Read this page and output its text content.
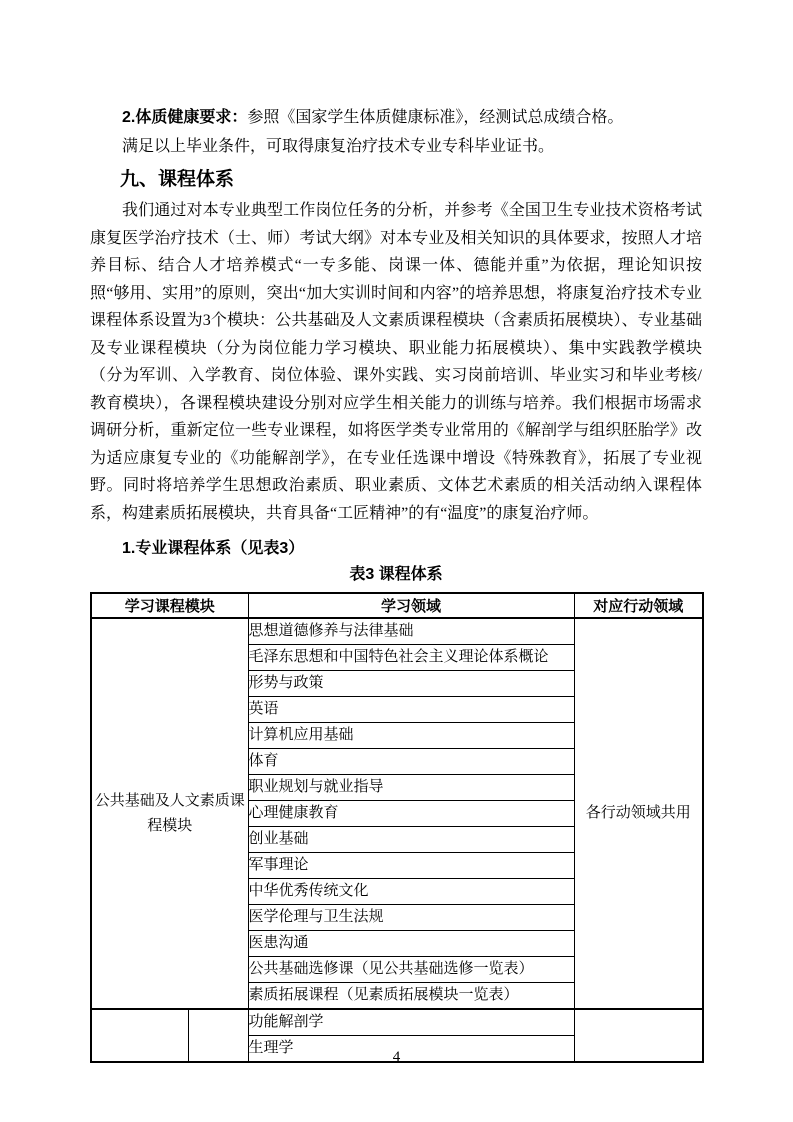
2.体质健康要求：参照《国家学生体质健康标准》，经测试总成绩合格。

满足以上毕业条件，可取得康复治疗技术专业专科毕业证书。

九、课程体系

我们通过对本专业典型工作岗位任务的分析，并参考《全国卫生专业技术资格考试康复医学治疗技术（士、师）考试大纲》对本专业及相关知识的具体要求，按照人才培养目标、结合人才培养模式“一专多能、岗课一体、德能并重”为依据，理论知识按照“够用、实用”的原则，突出“加大实训时间和内容”的培养思想，将康复治疗技术专业课程体系设置为3个模块：公共基础及人文素质课程模块（含素质拓展模块）、专业基础及专业课程模块（分为岗位能力学习模块、职业能力拓展模块）、集中实践教学模块（分为军训、入学教育、岗位体验、课外实践、实习岗前培训、毕业实习和毕业考核/教育模块），各课程模块建设分别对应学生相关能力的训练与培养。我们根据市场需求调研分析，重新定位一些专业课程，如将医学类专业常用的《解剖学与组织胚胎学》改为适应康复专业的《功能解剖学》，在专业任选课中增设《特殊教育》，拓展了专业视野。同时将培养学生思想政治素质、职业素质、文体艺术素质的相关活动纳入课程体系，构建素质拓展模块，共育具备“工匠精神”的有“温度”的康复治疗师。

1.专业课程体系（见表3）

表3 课程体系

学习课程模块		学习领域	对应行动领域
公共基础及人文素质课程模块		思想道德修养与法律基础	各行动领域共用
		毛泽东思想和中国特色社会主义理论体系概论	
		形势与政策	
		英语	
		计算机应用基础	
		体育	
		职业规划与就业指导	
		心理健康教育	
		创业基础	
		军事理论	
		中华优秀传统文化	
		医学伦理与卫生法规	
		医患沟通	
		公共基础选修课（见公共基础选修一览表）	
		素质拓展课程（见素质拓展模块一览表）	
		功能解剖学	
		生理学	
4
